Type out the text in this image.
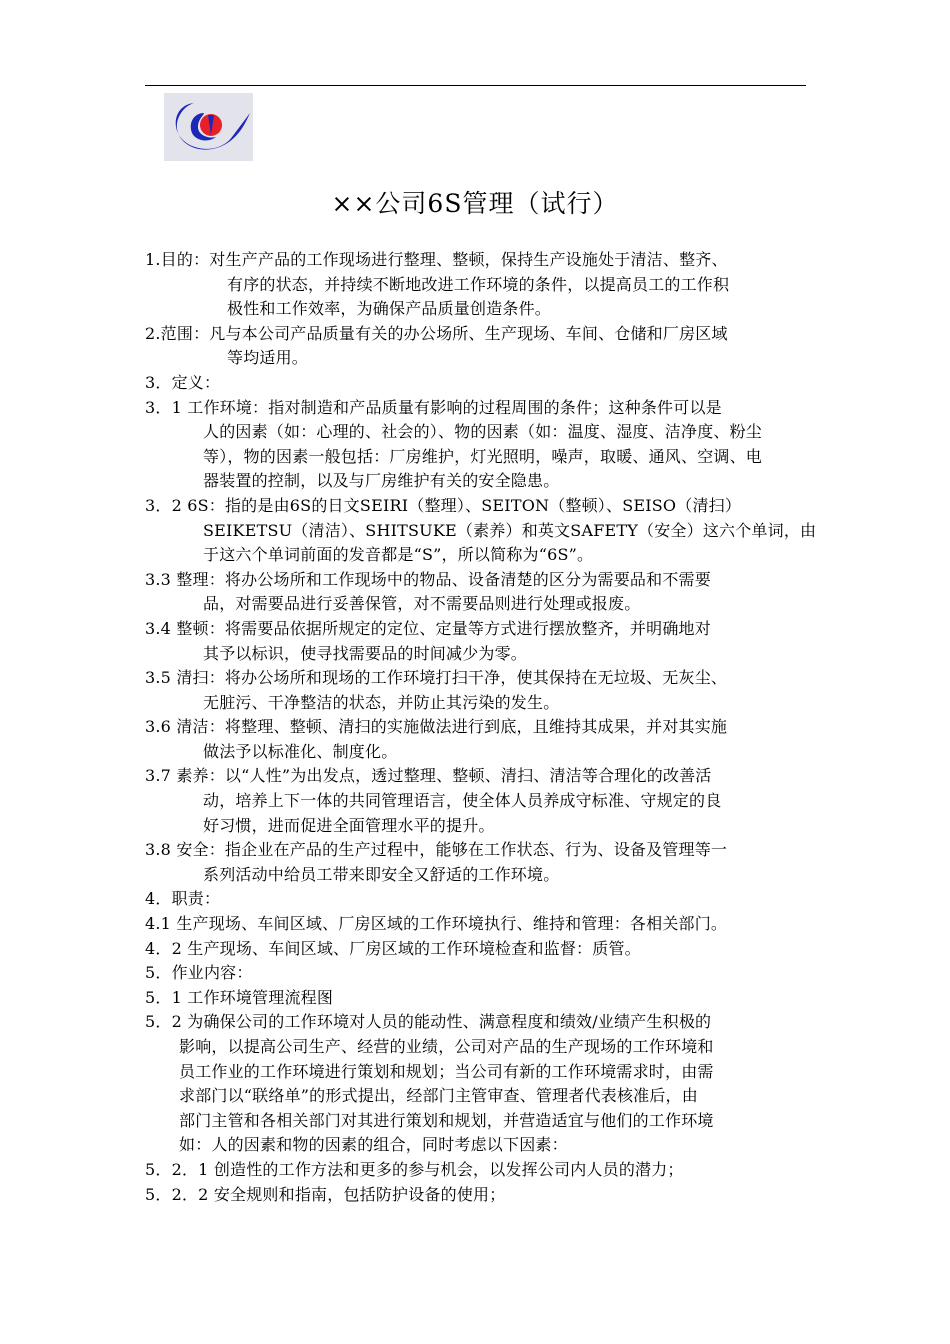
××公司6S管理（试行）
1.目的：对生产产品的工作现场进行整理、整顿，保持生产设施处于清洁、整齐、
有序的状态，并持续不断地改进工作环境的条件，以提高员工的工作积
极性和工作效率，为确保产品质量创造条件。
2.范围：凡与本公司产品质量有关的办公场所、生产现场、车间、仓储和厂房区域
等均适用。
3．定义：
3．1 工作环境：指对制造和产品质量有影响的过程周围的条件；这种条件可以是
人的因素（如：心理的、社会的）、物的因素（如：温度、湿度、洁净度、粉尘
等），物的因素一般包括：厂房维护，灯光照明，噪声，取暖、通风、空调、电
器装置的控制，以及与厂房维护有关的安全隐患。
3．2 6S：指的是由6S的日文SEIRI（整理）、SEITON（整顿）、SEISO（清扫）
SEIKETSU（清洁）、SHITSUKE（素养）和英文SAFETY（安全）这六个单词，由
于这六个单词前面的发音都是“S”，所以简称为“6S”。
3.3 整理：将办公场所和工作现场中的物品、设备清楚的区分为需要品和不需要
品，对需要品进行妥善保管，对不需要品则进行处理或报废。
3.4 整顿：将需要品依据所规定的定位、定量等方式进行摆放整齐，并明确地对
其予以标识，使寻找需要品的时间减少为零。
3.5 清扫：将办公场所和现场的工作环境打扫干净，使其保持在无垃圾、无灰尘、
无脏污、干净整洁的状态，并防止其污染的发生。
3.6 清洁：将整理、整顿、清扫的实施做法进行到底，且维持其成果，并对其实施
做法予以标准化、制度化。
3.7 素养：以“人性”为出发点，透过整理、整顿、清扫、清洁等合理化的改善活
动，培养上下一体的共同管理语言，使全体人员养成守标准、守规定的良
好习惯，进而促进全面管理水平的提升。
3.8 安全：指企业在产品的生产过程中，能够在工作状态、行为、设备及管理等一
系列活动中给员工带来即安全又舒适的工作环境。
4．职责：
4.1 生产现场、车间区域、厂房区域的工作环境执行、维持和管理：各相关部门。
4．2 生产现场、车间区域、厂房区域的工作环境检查和监督：质管。
5．作业内容：
5．1 工作环境管理流程图
5．2 为确保公司的工作环境对人员的能动性、满意程度和绩效/业绩产生积极的
影响，以提高公司生产、经营的业绩，公司对产品的生产现场的工作环境和
员工作业的工作环境进行策划和规划；当公司有新的工作环境需求时，由需
求部门以“联络单”的形式提出，经部门主管审查、管理者代表核准后，由
部门主管和各相关部门对其进行策划和规划，并营造适宜与他们的工作环境
如：人的因素和物的因素的组合，同时考虑以下因素：
5．2．1 创造性的工作方法和更多的参与机会，以发挥公司内人员的潜力；
5．2．2 安全规则和指南，包括防护设备的使用；
